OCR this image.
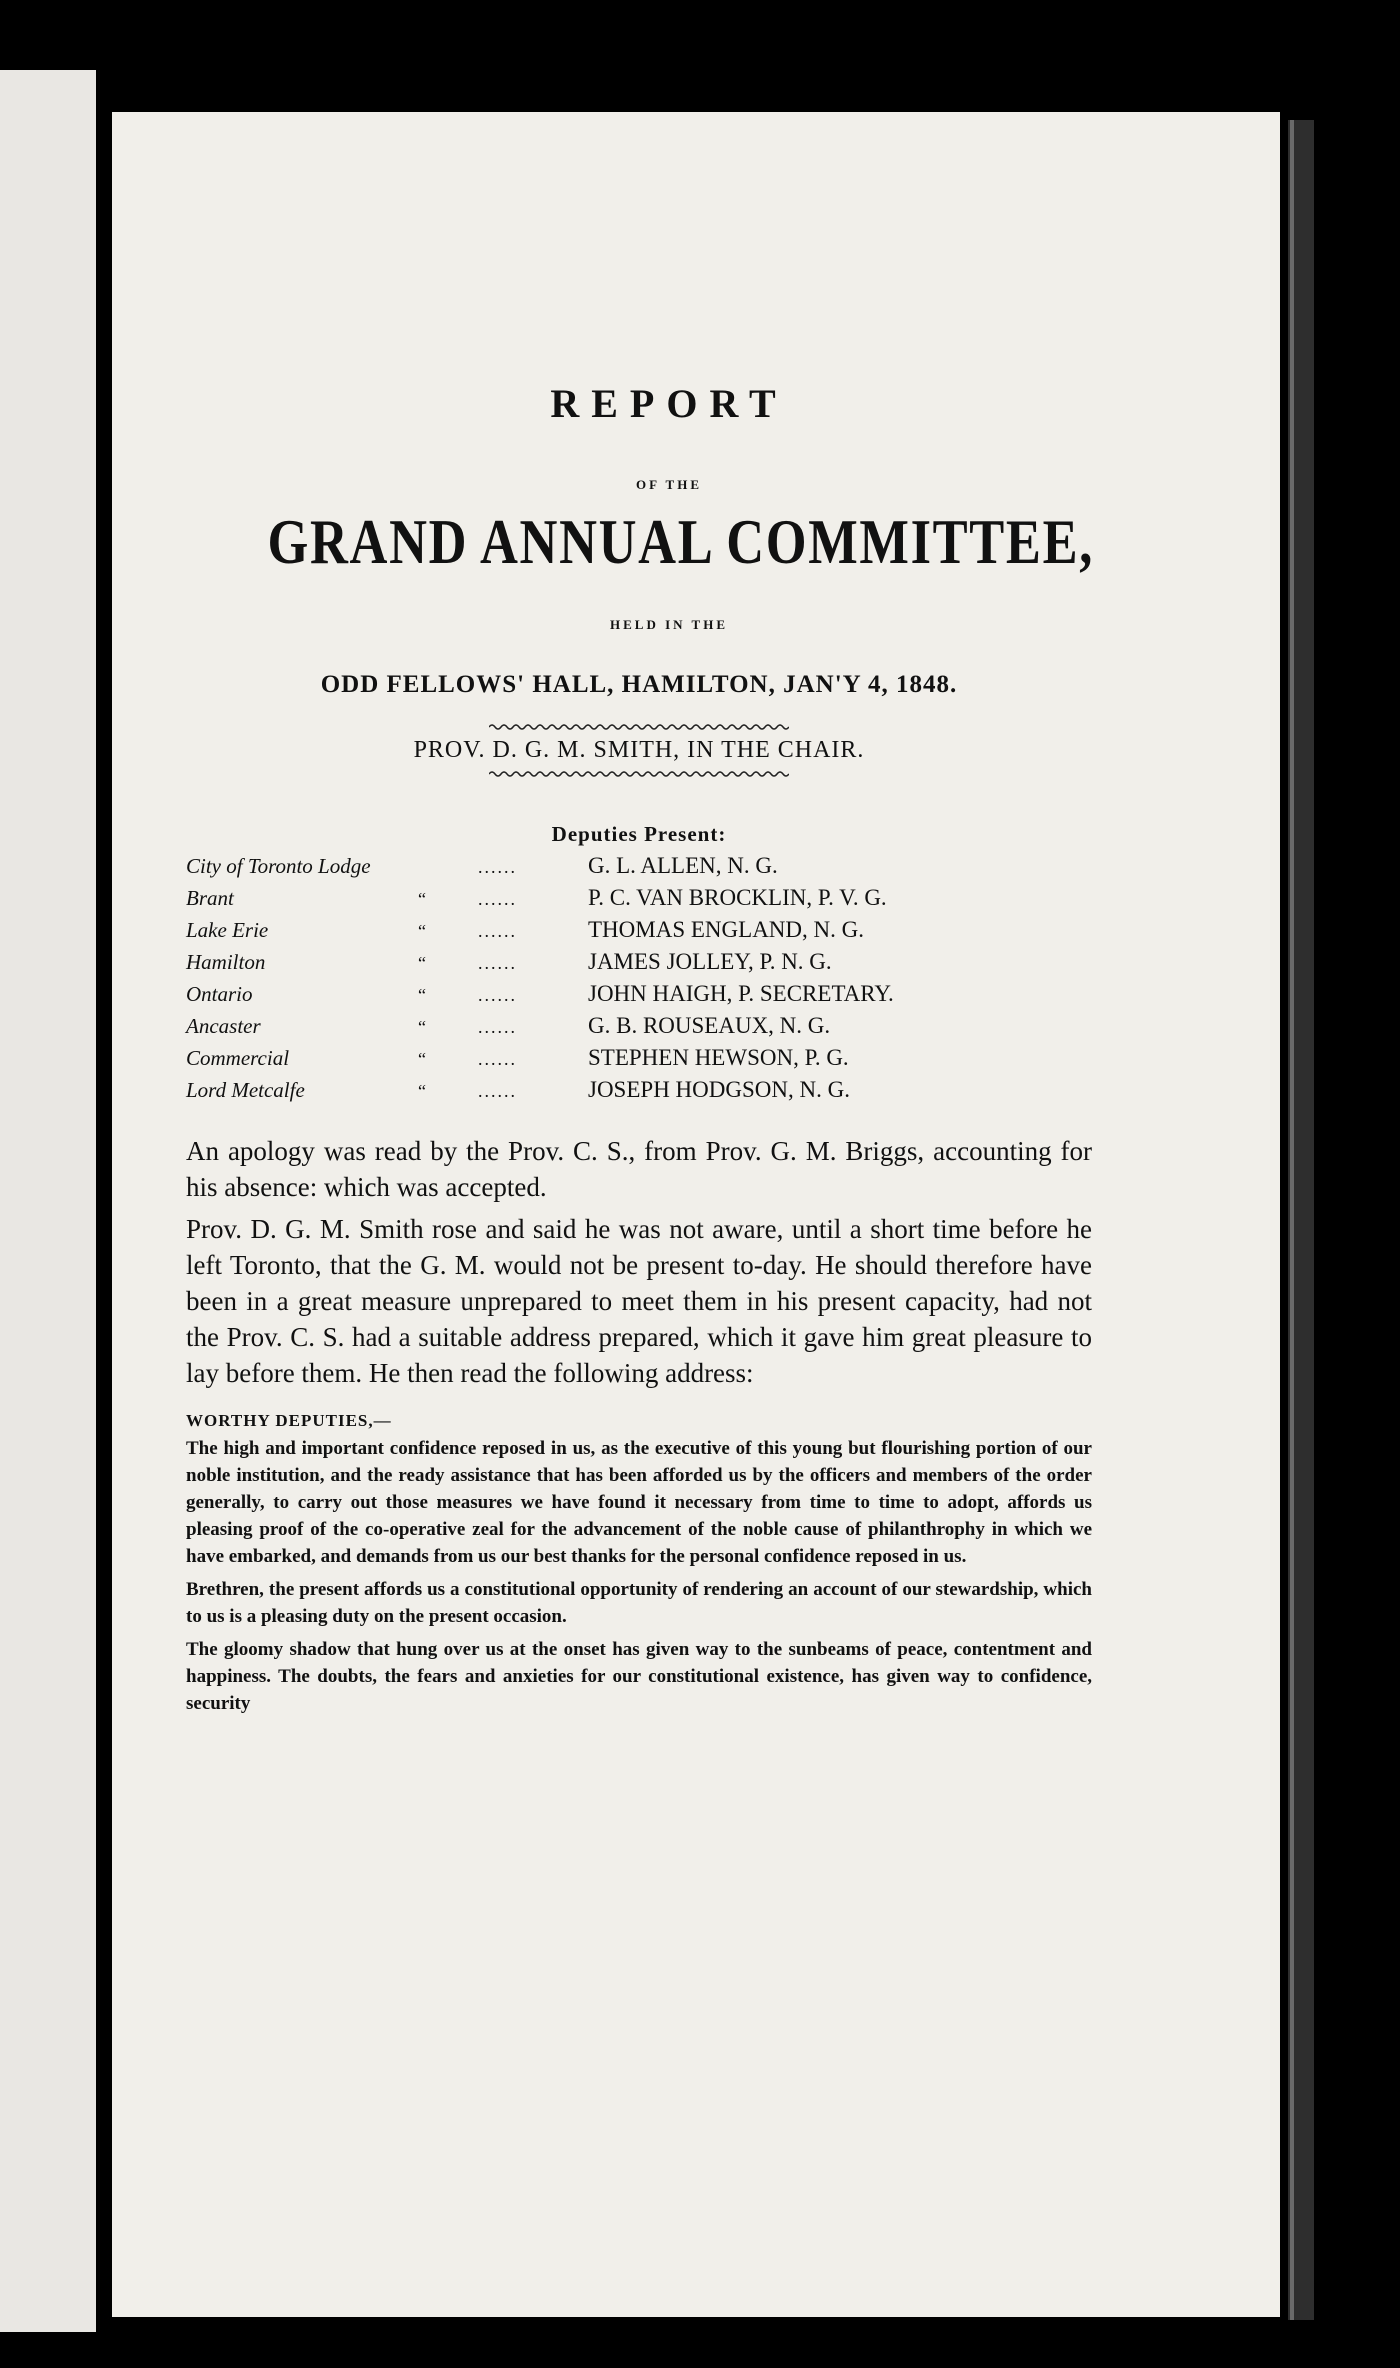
REPORT
OF THE
GRAND ANNUAL COMMITTEE,
HELD IN THE
ODD FELLOWS' HALL, HAMILTON, JAN'Y 4, 1848.
PROV. D. G. M. SMITH, IN THE CHAIR.
Deputies Present:
City of Toronto Lodge	......	G. L. ALLEN, N. G.
Brant	“	......	P. C. VAN BROCKLIN, P. V. G.
Lake Erie	“	......	THOMAS ENGLAND, N. G.
Hamilton	“	......	JAMES JOLLEY, P. N. G.
Ontario	“	......	JOHN HAIGH, P. SECRETARY.
Ancaster	“	......	G. B. ROUSEAUX, N. G.
Commercial	“	......	STEPHEN HEWSON, P. G.
Lord Metcalfe	“	......	JOSEPH HODGSON, N. G.

An apology was read by the Prov. C. S., from Prov. G. M. Briggs, accounting for his absence: which was accepted.

Prov. D. G. M. Smith rose and said he was not aware, until a short time before he left Toronto, that the G. M. would not be present to-day. He should therefore have been in a great measure unprepared to meet them in his present capacity, had not the Prov. C. S. had a suitable address prepared, which it gave him great pleasure to lay before them. He then read the following address:

WORTHY DEPUTIES,—

The high and important confidence reposed in us, as the executive of this young but flourishing portion of our noble institution, and the ready assistance that has been afforded us by the officers and members of the order generally, to carry out those measures we have found it necessary from time to time to adopt, affords us pleasing proof of the co-operative zeal for the advancement of the noble cause of philanthrophy in which we have embarked, and demands from us our best thanks for the personal confidence reposed in us.

Brethren, the present affords us a constitutional opportunity of rendering an account of our stewardship, which to us is a pleasing duty on the present occasion.

The gloomy shadow that hung over us at the onset has given way to the sunbeams of peace, contentment and happiness. The doubts, the fears and anxieties for our constitutional existence, has given way to confidence, security
